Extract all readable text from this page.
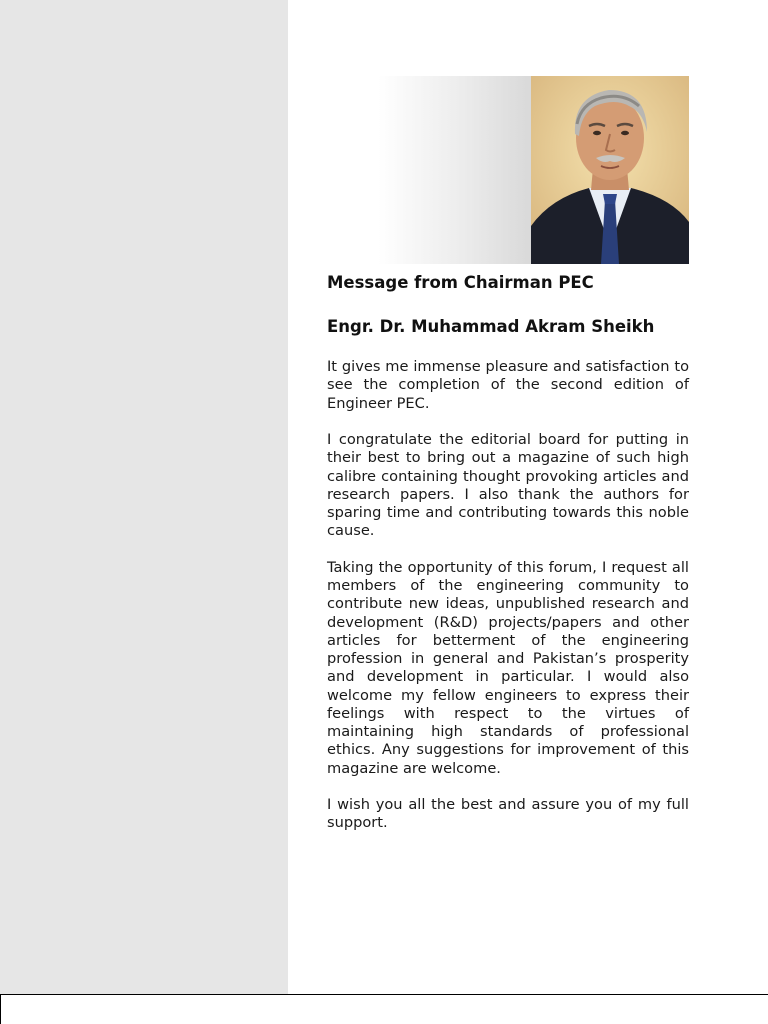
Message from Chairman PEC
Engr. Dr. Muhammad Akram Sheikh

It gives me immense pleasure and satisfaction to see the completion of the second edition of Engineer PEC.

I congratulate the editorial board for putting in their best to bring out a magazine of such high calibre containing thought provoking articles and research papers. I also thank the authors for sparing time and contributing towards this noble cause.

Taking the opportunity of this forum, I request all members of the engineering community to contribute new ideas, unpublished research and development (R&D) projects/papers and other articles for betterment of the engineering profession in general and Pakistan’s prosperity and development in particular. I would also welcome my fellow engineers to express their feelings with respect to the virtues of maintaining high standards of professional ethics. Any suggestions for improvement of this magazine are welcome.

I wish you all the best and assure you of my full support.
